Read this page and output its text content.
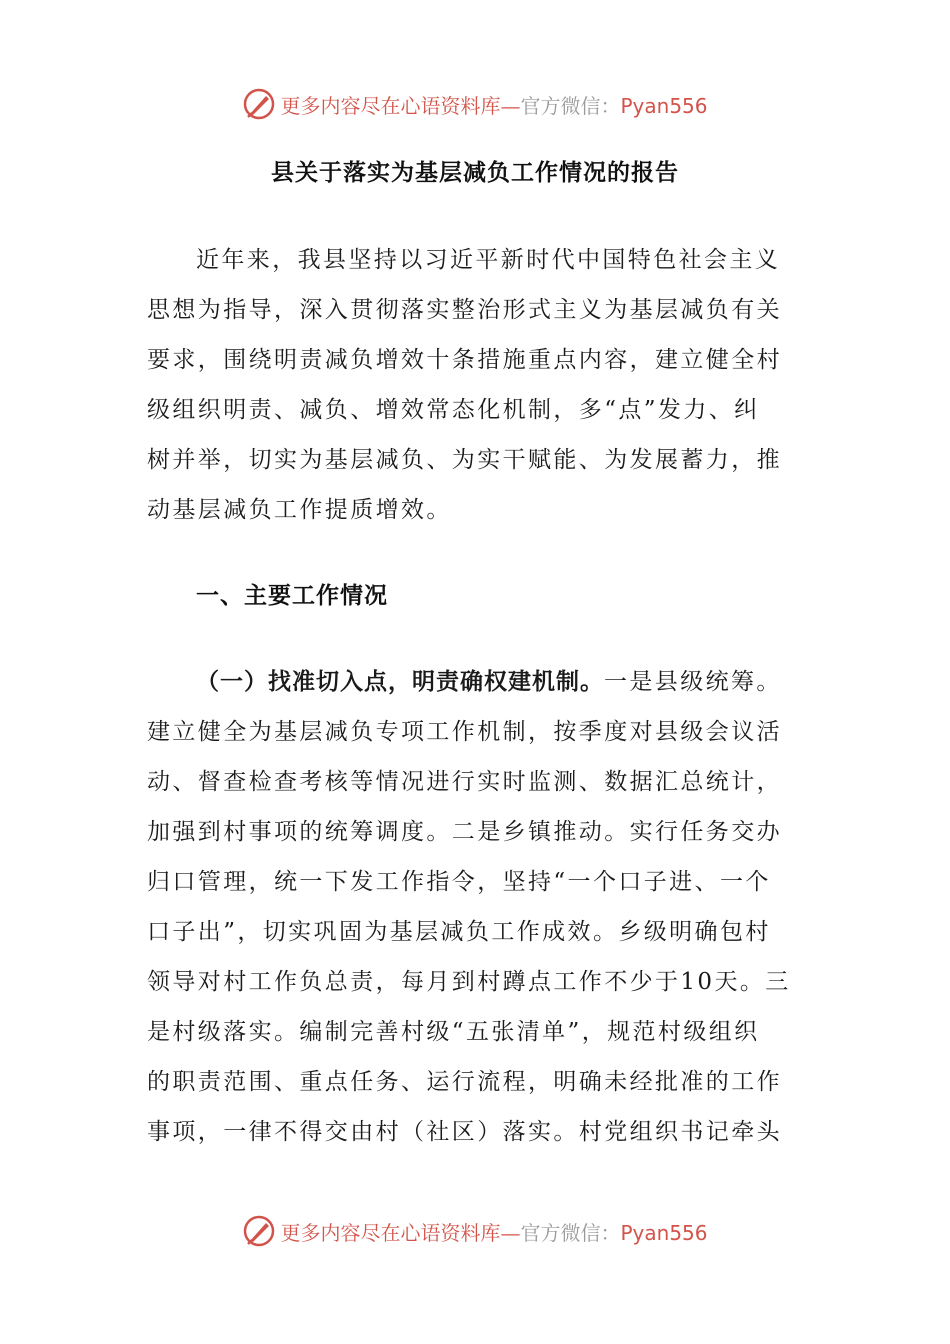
更多内容尽在心语资料库—官方微信：Pyan556
县关于落实为基层减负工作情况的报告
近年来，我县坚持以习近平新时代中国特色社会主义
思想为指导，深入贯彻落实整治形式主义为基层减负有关
要求，围绕明责减负增效十条措施重点内容，建立健全村
级组织明责、减负、增效常态化机制，多“点”发力、纠
树并举，切实为基层减负、为实干赋能、为发展蓄力，推
动基层减负工作提质增效。
一、主要工作情况
（一）找准切入点，明责确权建机制。一是县级统筹。
建立健全为基层减负专项工作机制，按季度对县级会议活
动、督查检查考核等情况进行实时监测、数据汇总统计，
加强到村事项的统筹调度。二是乡镇推动。实行任务交办
归口管理，统一下发工作指令，坚持“一个口子进、一个
口子出”，切实巩固为基层减负工作成效。乡级明确包村
领导对村工作负总责，每月到村蹲点工作不少于10天。三
是村级落实。编制完善村级“五张清单”，规范村级组织
的职责范围、重点任务、运行流程，明确未经批准的工作
事项，一律不得交由村（社区）落实。村党组织书记牵头
更多内容尽在心语资料库—官方微信：Pyan556
